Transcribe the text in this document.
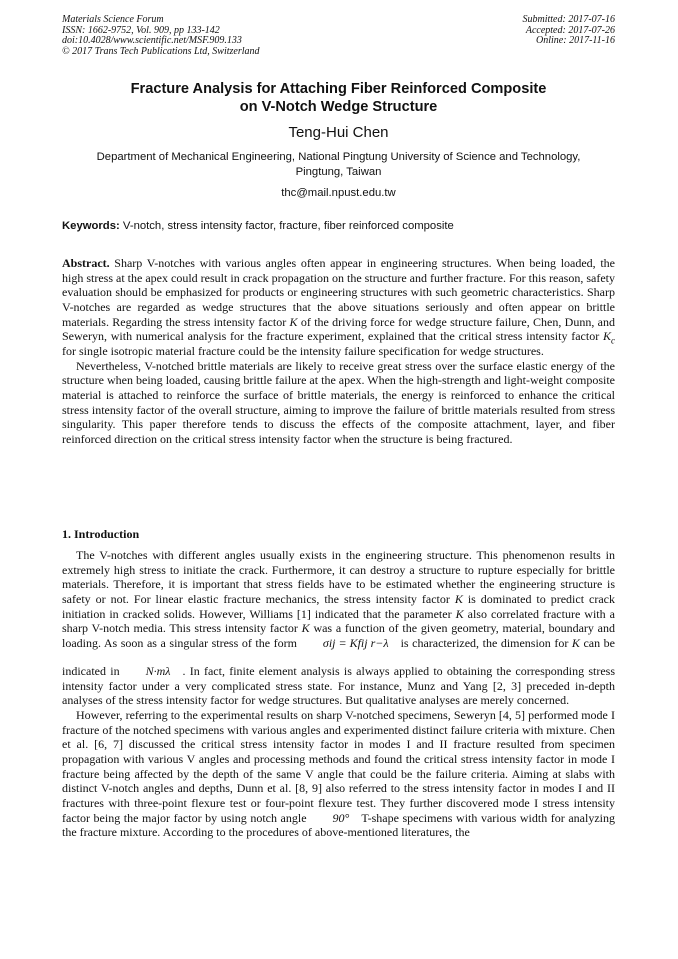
Materials Science Forum
ISSN: 1662-9752, Vol. 909, pp 133-142
doi:10.4028/www.scientific.net/MSF.909.133
© 2017 Trans Tech Publications Ltd, Switzerland
Submitted: 2017-07-16
Accepted: 2017-07-26
Online: 2017-11-16
Fracture Analysis for Attaching Fiber Reinforced Composite
on V-Notch Wedge Structure
Teng-Hui Chen
Department of Mechanical Engineering, National Pingtung University of Science and Technology,
Pingtung, Taiwan
thc@mail.npust.edu.tw
Keywords: V-notch, stress intensity factor, fracture, fiber reinforced composite

Abstract. Sharp V-notches with various angles often appear in engineering structures. When being loaded, the high stress at the apex could result in crack propagation on the structure and further fracture. For this reason, safety evaluation should be emphasized for products or engineering structures with such geometric characteristics. Sharp V-notches are regarded as wedge structures that the above situations seriously and often appear on brittle materials. Regarding the stress intensity factor K of the driving force for wedge structure failure, Chen, Dunn, and Seweryn, with numerical analysis for the fracture experiment, explained that the critical stress intensity factor $K_c$ for single isotropic material fracture could be the intensity failure specification for wedge structures.

Nevertheless, V-notched brittle materials are likely to receive great stress over the surface elastic energy of the structure when being loaded, causing brittle failure at the apex. When the high-strength and light-weight composite material is attached to reinforce the surface of brittle materials, the energy is reinforced to enhance the critical stress intensity factor of the overall structure, aiming to improve the failure of brittle materials resulted from stress singularity. This paper therefore tends to discuss the effects of the composite attachment, layer, and fiber reinforced direction on the critical stress intensity factor when the structure is being fractured.

1. Introduction

The V-notches with different angles usually exists in the engineering structure. This phenomenon results in extremely high stress to initiate the crack. Furthermore, it can destroy a structure to rupture especially for brittle materials. Therefore, it is important that stress fields have to be estimated whether the engineering structure is safety or not. For linear elastic fracture mechanics, the stress intensity factor K is dominated to predict crack initiation in cracked solids. However, Williams [1] indicated that the parameter K also correlated fracture with a sharp V-notch media. This stress intensity factor K was a function of the given geometry, material, boundary and loading. As soon as a singular stress of the form σij = Kfij r−λ is characterized, the dimension for K can be indicated in N·mλ . In fact, finite element analysis is always applied to obtaining the corresponding stress intensity factor under a very complicated stress state. For instance, Munz and Yang [2, 3] preceded in-depth analyses of the stress intensity factor for wedge structures. But qualitative analyses are merely concerned.

However, referring to the experimental results on sharp V-notched specimens, Seweryn [4, 5] performed mode I fracture of the notched specimens with various angles and experimented distinct failure criteria with mixture. Chen et al. [6, 7] discussed the critical stress intensity factor in modes I and II fracture resulted from specimen propagation with various V angles and processing methods and found the critical stress intensity factor in mode I fracture being affected by the depth of the same V angle that could be the failure criteria. Aiming at slabs with distinct V-notch angles and depths, Dunn et al. [8, 9] also referred to the stress intensity factor in modes I and II fractures with three-point flexure test or four-point flexure test. They further discovered mode I stress intensity factor being the major factor by using notch angle 90° T-shape specimens with various width for analyzing the fracture mixture. According to the procedures of above-mentioned literatures, the
